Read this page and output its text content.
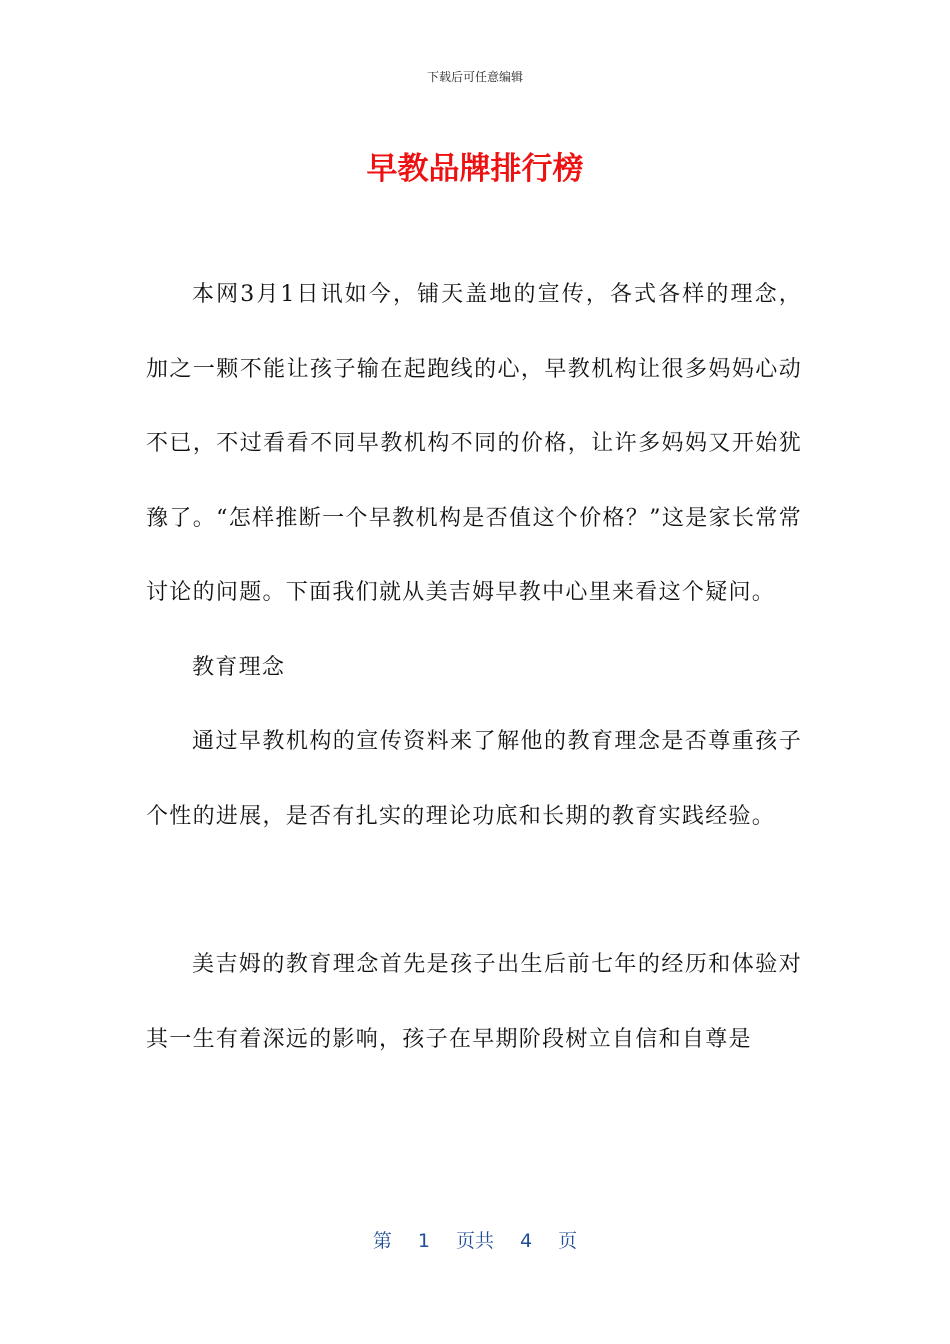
下载后可任意编辑
早教品牌排行榜

本网3月1日讯如今，铺天盖地的宣传，各式各样的理念，加之一颗不能让孩子输在起跑线的心，早教机构让很多妈妈心动不已，不过看看不同早教机构不同的价格，让许多妈妈又开始犹豫了。“怎样推断一个早教机构是否值这个价格？”这是家长常常讨论的问题。下面我们就从美吉姆早教中心里来看这个疑问。

教育理念

通过早教机构的宣传资料来了解他的教育理念是否尊重孩子个性的进展，是否有扎实的理论功底和长期的教育实践经验。

美吉姆的教育理念首先是孩子出生后前七年的经历和体验对其一生有着深远的影响，孩子在早期阶段树立自信和自尊是

第 1 页共 4 页
